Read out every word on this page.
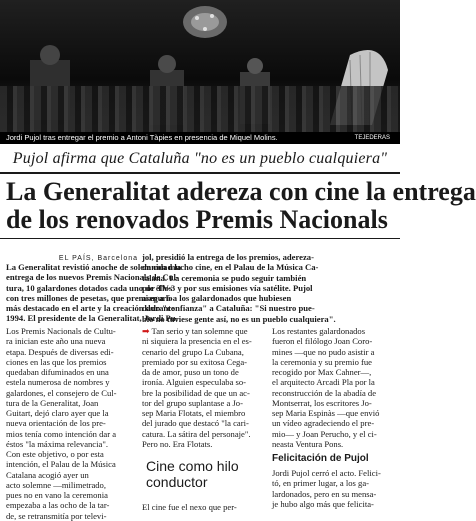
Jordi Pujol tras entregar el premio a Antoni Tàpies en presencia de Miquel Molins.	TEJEDERAS
Pujol afirma que Cataluña "no es un pueblo cualquiera"
La Generalitat adereza con cine la entrega
de los renovados Premis Nacionals

EL PAÍS, Barcelona

La Generalitat revistió anoche de solemnidad la

entrega de los nuevos Premis Nacionals de Cul-

tura, 10 galardones dotados cada uno de ellos

con tres millones de pesetas, que premian a lo

más destacado en el arte y la creación durante

1994. El presidente de la Generalitat, Jordi Pu-

Los Premis Nacionals de Cultu-

ra inician este año una nueva

etapa. Después de diversas edi-

ciones en las que los premios

quedaban difuminados en una

estela numerosa de nombres y

galardones, el consejero de Cul-

tura de la Generalitat, Joan

Guitart, dejó claro ayer que la

nueva orientación de los pre-

mios tenía como intención dar a

éstos "la máxima relevancia".

Con este objetivo, o por esta

intención, el Palau de la Música

Catalana acogió ayer un

acto solemne —milimetrado,

pues no en vano la ceremonia

empezaba a las ocho de la tar-

de, se retransmitía por televi-

jol, presidió la entrega de los premios, adereza-

da con mucho cine, en el Palau de la Música Ca-

talana. La ceremonia se pudo seguir también

por TV-3 y por sus emisiones vía satélite. Pujol

aseguró a los galardonados que hubiesen

dado "confianza" a Cataluña: "Si nuestro pue-

blo no tuviese gente así, no es un pueblo cualquiera".

➡ Tan serio y tan solemne que

ni siquiera la presencia en el es-

cenario del grupo La Cubana,

premiado por su exitosa Cega-

da de amor, puso un tono de

ironía. Alguien especulaba so-

bre la posibilidad de que un ac-

tor del grupo suplantase a Jo-

sep Maria Flotats, el miembro

del jurado que destacó "la cari-

catura. La sátira del personaje".

Pero no. Era Flotats.

Cine como hilo

conductor

El cine fue el nexo que per-

Los restantes galardonados

fueron el filólogo Joan Coro-

mines —que no pudo asistir a

la ceremonia y su premio fue

recogido por Max Cahner—,

el arquitecto Arcadi Pla por la

reconstrucción de la abadía de

Montserrat, los escritores Jo-

sep Maria Espinàs —que envió

un vídeo agradeciendo el pre-

mio— y Joan Perucho, y el ci-

neasta Ventura Pons.

Felicitación de Pujol

Jordi Pujol cerró el acto. Felici-

tó, en primer lugar, a los ga-

lardonados, pero en su mensa-

je hubo algo más que felicita-
